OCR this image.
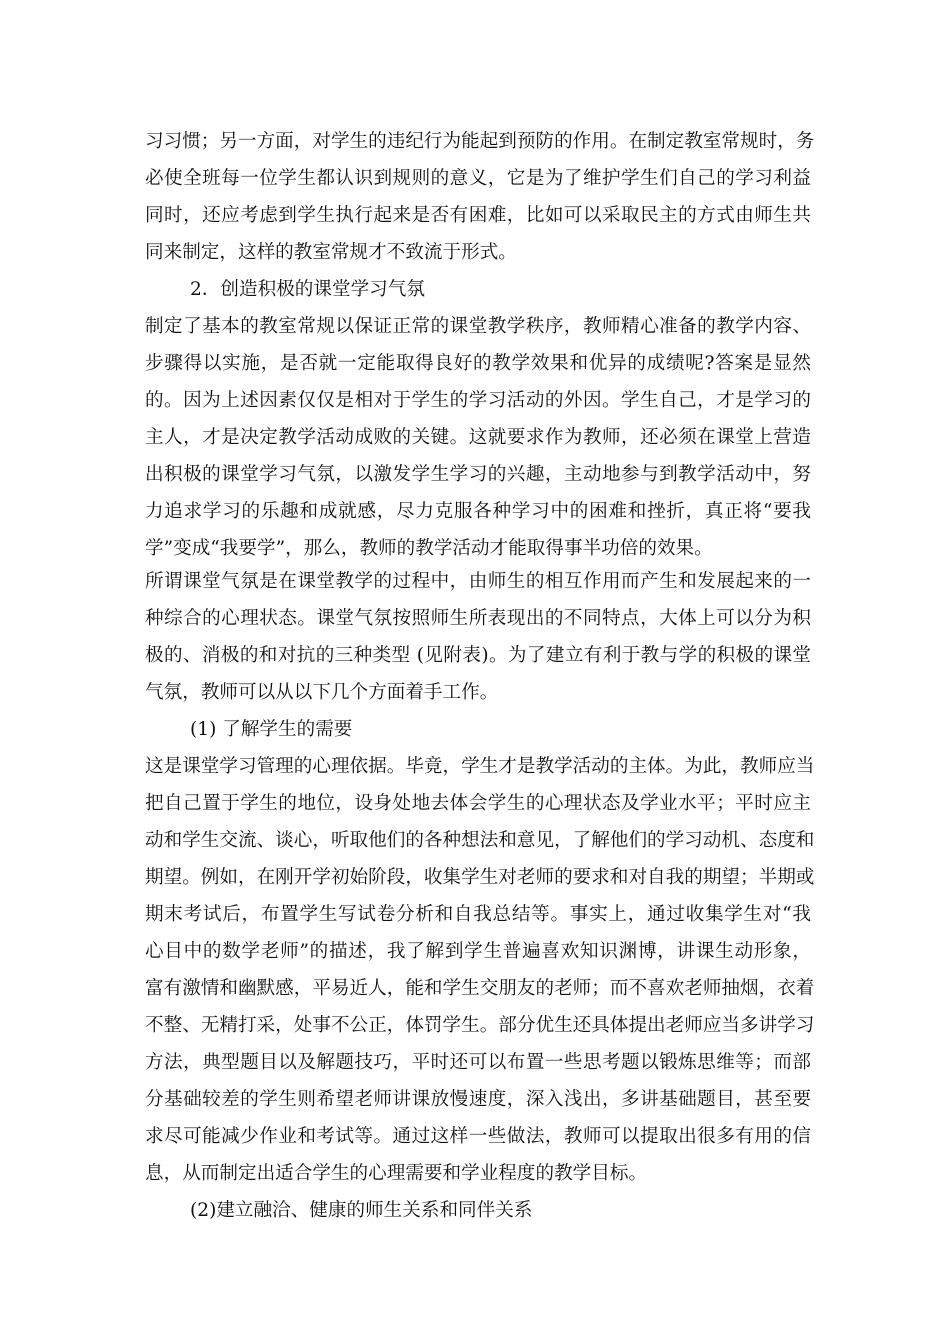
习习惯；另一方面，对学生的违纪行为能起到预防的作用。在制定教室常规时，务
必使全班每一位学生都认识到规则的意义，它是为了维护学生们自己的学习利益
同时，还应考虑到学生执行起来是否有困难，比如可以采取民主的方式由师生共
同来制定，这样的教室常规才不致流于形式。
2．创造积极的课堂学习气氛
制定了基本的教室常规以保证正常的课堂教学秩序，教师精心准备的教学内容、
步骤得以实施，是否就一定能取得良好的教学效果和优异的成绩呢?答案是显然
的。因为上述因素仅仅是相对于学生的学习活动的外因。学生自己，才是学习的
主人，才是决定教学活动成败的关键。这就要求作为教师，还必须在课堂上营造
出积极的课堂学习气氛，以激发学生学习的兴趣，主动地参与到教学活动中，努
力追求学习的乐趣和成就感，尽力克服各种学习中的困难和挫折，真正将“要我
学”变成“我要学”，那么，教师的教学活动才能取得事半功倍的效果。
所谓课堂气氛是在课堂教学的过程中，由师生的相互作用而产生和发展起来的一
种综合的心理状态。课堂气氛按照师生所表现出的不同特点，大体上可以分为积
极的、消极的和对抗的三种类型 (见附表)。为了建立有利于教与学的积极的课堂
气氛，教师可以从以下几个方面着手工作。
(1) 了解学生的需要
这是课堂学习管理的心理依据。毕竟，学生才是教学活动的主体。为此，教师应当
把自己置于学生的地位，设身处地去体会学生的心理状态及学业水平；平时应主
动和学生交流、谈心，听取他们的各种想法和意见，了解他们的学习动机、态度和
期望。例如，在刚开学初始阶段，收集学生对老师的要求和对自我的期望；半期或
期末考试后，布置学生写试卷分析和自我总结等。事实上，通过收集学生对“我
心目中的数学老师”的描述，我了解到学生普遍喜欢知识渊博，讲课生动形象，
富有激情和幽默感，平易近人，能和学生交朋友的老师；而不喜欢老师抽烟，衣着
不整、无精打采，处事不公正，体罚学生。部分优生还具体提出老师应当多讲学习
方法，典型题目以及解题技巧，平时还可以布置一些思考题以锻炼思维等；而部
分基础较差的学生则希望老师讲课放慢速度，深入浅出，多讲基础题目，甚至要
求尽可能减少作业和考试等。通过这样一些做法，教师可以提取出很多有用的信
息，从而制定出适合学生的心理需要和学业程度的教学目标。
(2)建立融洽、健康的师生关系和同伴关系
